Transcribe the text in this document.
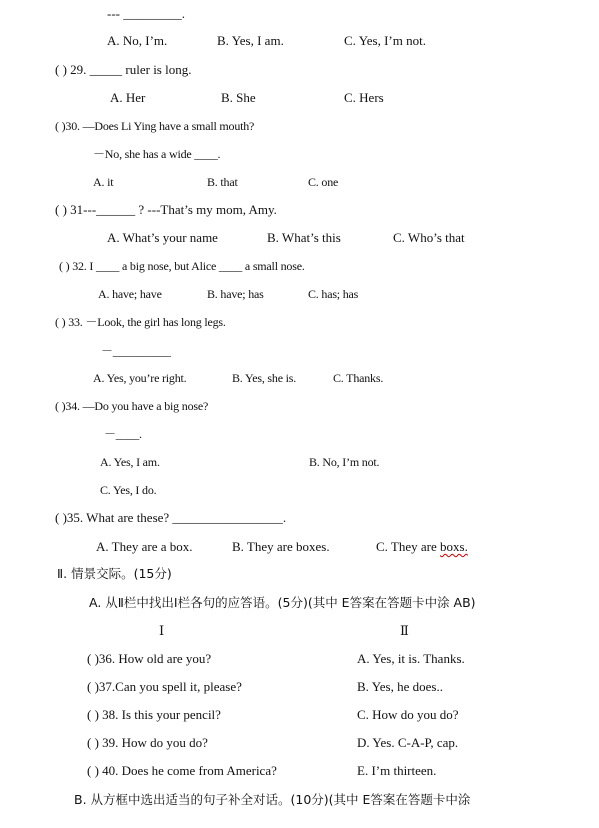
--- _________.
A. No, I’m.	B. Yes, I am.	C. Yes, I’m not.
( ) 29. _____ ruler is long.
A. Her	B. She	C. Hers
( )30. —Does Li Ying have a small mouth?
－No, she has a wide ____.
A. it	B. that	C. one
( ) 31---______ ? ---That’s my mom, Amy.
A. What’s your name	B. What’s this	C. Who’s that
( ) 32. I ____ a big nose, but Alice ____ a small nose.
A. have; have	B. have; has	C. has; has
( ) 33. －Look, the girl has long legs.
－__________
A. Yes, you’re right.	B. Yes, she is.	C. Thanks.
( )34. —Do you have a big nose?
－____.
A. Yes, I am.	B. No, I’m not.
C. Yes, I do.
( )35. What are these? _________________.
A. They are a box.	B. They are boxes.	C. They are boxs.
Ⅱ. 情景交际。(15分)
A. 从Ⅱ栏中找出Ⅰ栏各句的应答语。(5分)(其中 E答案在答题卡中涂 AB)
Ⅰ	Ⅱ
( )36. How old are you?	A. Yes, it is. Thanks.
( )37.Can you spell it, please?	B. Yes, he does..
( ) 38. Is this your pencil?	C. How do you do?
( ) 39. How do you do?	D. Yes. C-A-P, cap.
( ) 40. Does he come from America?	E. I’m thirteen.
B. 从方框中选出适当的句子补全对话。(10分)(其中 E答案在答题卡中涂
